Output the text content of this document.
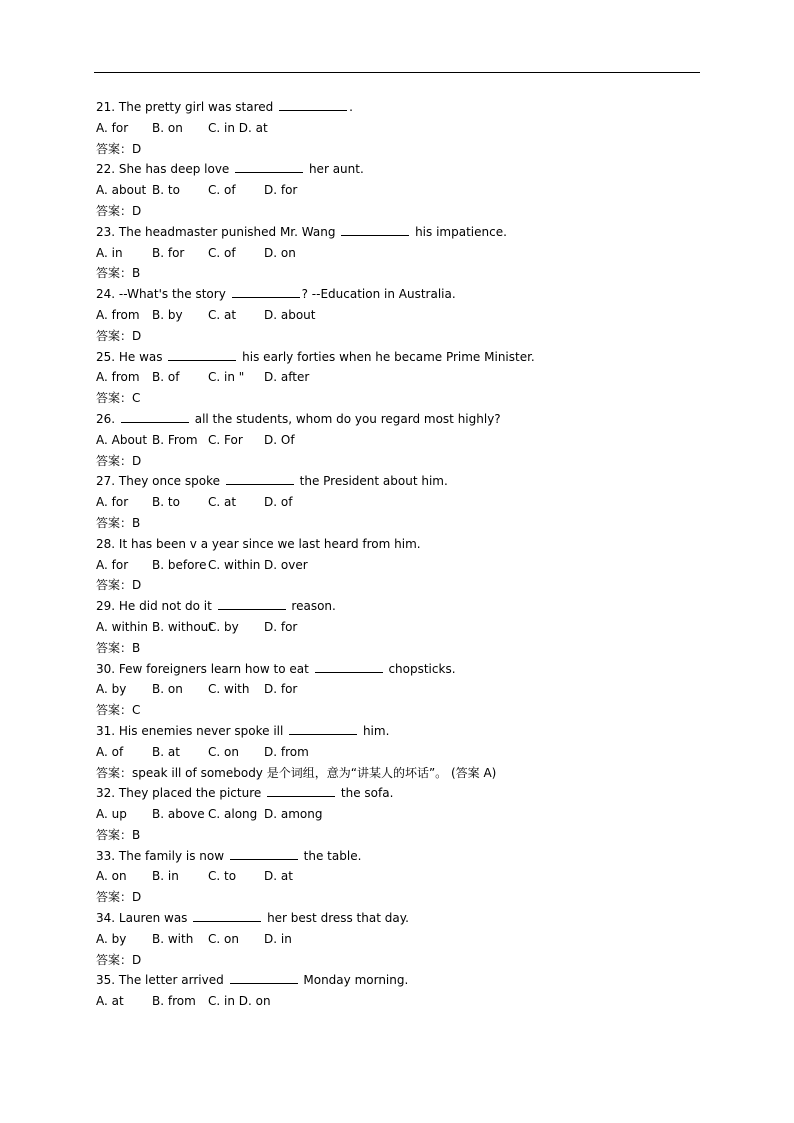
21. The pretty girl was stared	.
A. for B. on C. in D. at
答案：D
22. She has deep love	her aunt.
A. about B. to C. of D. for
答案：D
23. The headmaster punished Mr. Wang	his impatience.
A. in B. for C. of D. on
答案：B
24. --What's the story	? --Education in Australia.
A. from B. by C. at D. about
答案：D
25. He was	his early forties when he became Prime Minister.
A. from B. of C. in " D. after
答案：C
26.	all the students, whom do you regard most highly?
A. About B. From C. For D. Of
答案：D
27. They once spoke	the President about him.
A. for B. to C. at D. of
答案：B
28. It has been v a year since we last heard from him.
A. for B. before C. within D. over
答案：D
29. He did not do it	reason.
A. within B. withoutC. by D. for
答案：B
30. Few foreigners learn how to eat	chopsticks.
A. by B. on C. with D. for
答案：C
31. His enemies never spoke ill	him.
A. of B. at C. on D. from
答案：speak ill of somebody 是个词组，意为“讲某人的坏话”。 (答案 A)
32. They placed the picture	the sofa.
A. up B. above C. along D. among
答案：B
33. The family is now	the table.
A. on B. in C. to D. at
答案：D
34. Lauren was	her best dress that day.
A. by B. with C. on D. in
答案：D
35. The letter arrived	Monday morning.
A. at B. from C. in D. on
